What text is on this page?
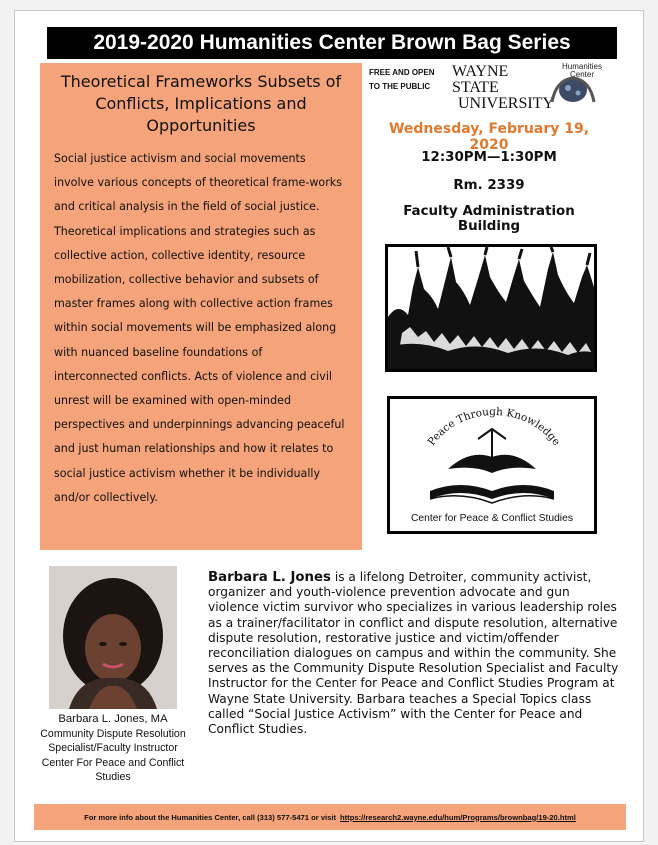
2019-2020 Humanities Center Brown Bag Series
Theoretical Frameworks Subsets of Conflicts, Implications and Opportunities

Social justice activism and social movements involve various concepts of theoretical frame-works and critical analysis in the field of social justice. Theoretical implications and strategies such as collective action, collective identity, resource mobilization, collective behavior and subsets of master frames along with collective action frames within social movements will be emphasized along with nuanced baseline foundations of interconnected conflicts. Acts of violence and civil unrest will be examined with open-minded perspectives and underpinnings advancing peaceful and just human relationships and how it relates to social justice activism whether it be individually and/or collectively.

FREE AND OPEN
TO THE PUBLIC
WAYNE STATE
UNIVERSITY
Humanities
Center
Wednesday, February 19, 2020
12:30PM—1:30PM
Rm. 2339
Faculty Administration Building
Peace Through Knowledge
Center for Peace & Conflict Studies
Barbara L. Jones, MA
Community Dispute Resolution
Specialist/Faculty Instructor
Center For Peace and Conflict
Studies
Barbara L. Jones is a lifelong Detroiter, community activist, organizer and youth-violence prevention advocate and gun violence victim survivor who specializes in various leadership roles as a trainer/facilitator in conflict and dispute resolution, alternative dispute resolution, restorative justice and victim/offender reconciliation dialogues on campus and within the community. She serves as the Community Dispute Resolution Specialist and Faculty Instructor for the Center for Peace and Conflict Studies Program at Wayne State University. Barbara teaches a Special Topics class called “Social Justice Activism” with the Center for Peace and Conflict Studies.
For more info about the Humanities Center, call (313) 577-5471 or visit https://research2.wayne.edu/hum/Programs/brownbag/19-20.html
